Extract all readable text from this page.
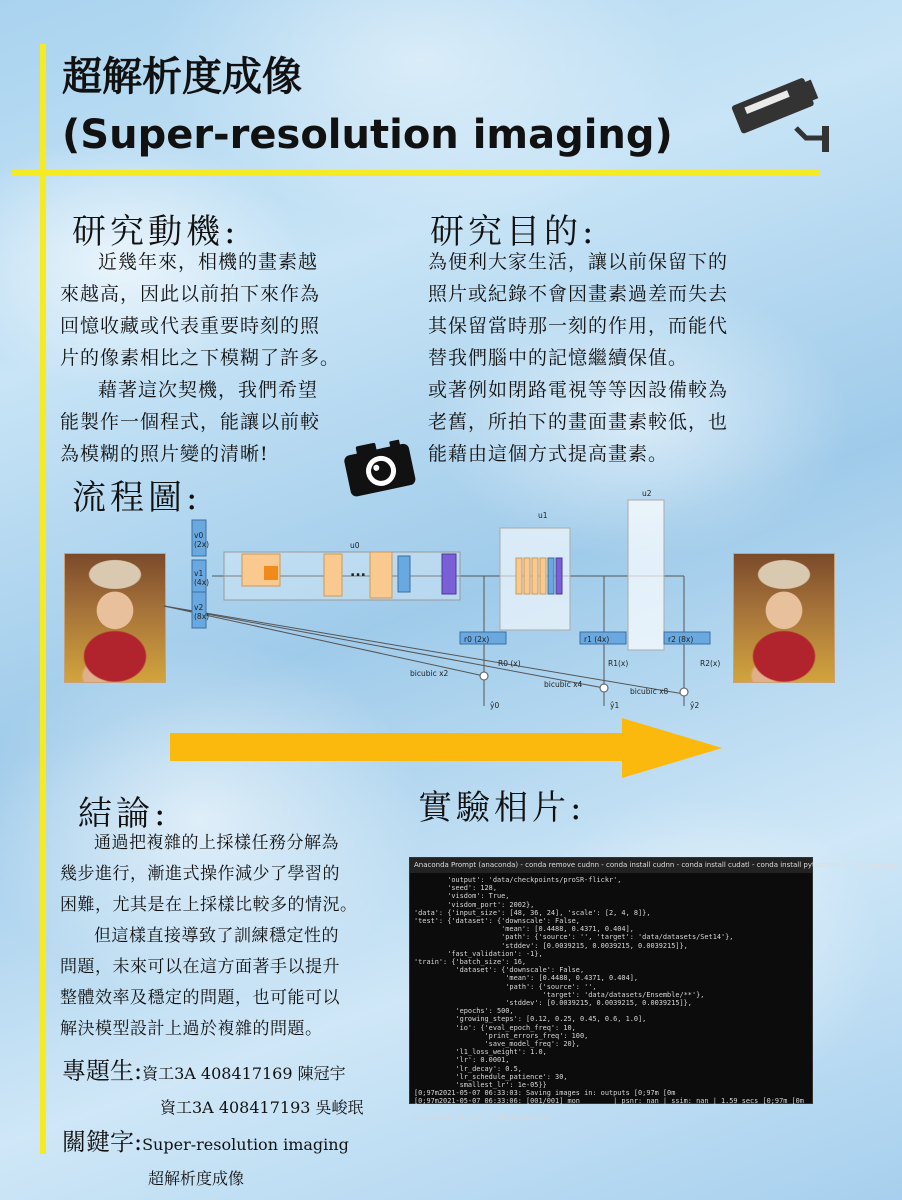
超解析度成像
(Super-resolution imaging)
研究動機:

近幾年來，相機的畫素越

來越高，因此以前拍下來作為

回憶收藏或代表重要時刻的照

片的像素相比之下模糊了許多。

藉著這次契機，我們希望

能製作一個程式，能讓以前較

為模糊的照片變的清晰!

研究目的:

為便利大家生活，讓以前保留下的

照片或紀錄不會因畫素過差而失去

其保留當時那一刻的作用，而能代

替我們腦中的記憶繼續保值。

或著例如閉路電視等等因設備較為

老舊，所拍下的畫面畫素較低，也

能藉由這個方式提高畫素。

流程圖:
v0
(2x)
v1
(4x)
v2
(8x)
u0
...
u1
u2
r0 (2x)	r1 (4x)	r2 (8x)
R0 (x)	R1(x)	R2(x)
bicubic x2
bicubic x4
bicubic x8
ŷ0	ŷ1	ŷ2
結論:

通過把複雜的上採樣任務分解為

幾步進行，漸進式操作減少了學習的

困難，尤其是在上採樣比較多的情況。

但這樣直接導致了訓練穩定性的

問題，未來可以在這方面著手以提升

整體效率及穩定的問題，也可能可以

解決模型設計上過於複雜的問題。

實驗相片:
Anaconda Prompt (anaconda) - conda remove cudnn - conda install cudnn - conda install cudatl - conda install pytorch==0.4.1 torchvisio...
'output': 'data/checkpoints/proSR-flickr',
'seed': 128,
'visdom': True,
'visdom_port': 2002},
'data': {'input_size': [48, 36, 24], 'scale': [2, 4, 8]},
'test': {'dataset': {'downscale': False,
'mean': [0.4488, 0.4371, 0.404],
'path': {'source': '', 'target': 'data/datasets/Set14'},
'stddev': [0.0039215, 0.0039215, 0.0039215]},
'fast_validation': -1},
'train': {'batch_size': 16,
'dataset': {'downscale': False,
'mean': [0.4488, 0.4371, 0.404],
'path': {'source': '',
'target': 'data/datasets/Ensemble/**'},
'stddev': [0.0039215, 0.0039215, 0.0039215]},
'epochs': 500,
'growing_steps': [0.12, 0.25, 0.45, 0.6, 1.0],
'io': {'eval_epoch_freq': 10,
'print_errors_freq': 100,
'save_model_freq': 20},
'l1_loss_weight': 1.0,
'lr': 0.0001,
'lr_decay': 0.5,
'lr_schedule_patience': 30,
'smallest_lr': 1e-05}}
[0;97m2021-05-07 06:33:03: Saving images in: outputs [0;97m [0m
[0;97m2021-05-07 06:33:06: [001/001] mon        | psnr: nan | ssim: nan | 1.59 secs [0;97m [0m

(d:\proSR) d:\proSR\proSR-master>
專題生:資工3A 408417169 陳冠宇
資工3A 408417193 吳峻珉
關鍵字:Super-resolution imaging
超解析度成像
